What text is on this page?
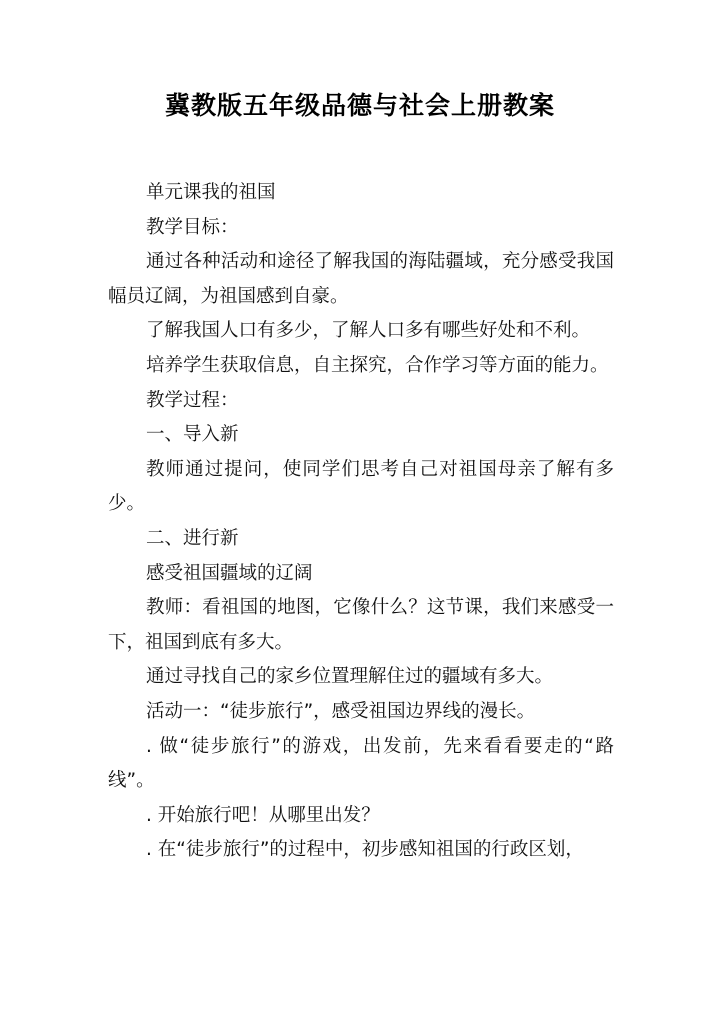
冀教版五年级品德与社会上册教案

单元课我的祖国

教学目标：

通过各种活动和途径了解我国的海陆疆域，充分感受我国幅员辽阔，为祖国感到自豪。

了解我国人口有多少，了解人口多有哪些好处和不利。

培养学生获取信息，自主探究，合作学习等方面的能力。

教学过程：

一、导入新

教师通过提问，使同学们思考自己对祖国母亲了解有多少。

二、进行新

感受祖国疆域的辽阔

教师：看祖国的地图，它像什么？这节课，我们来感受一下，祖国到底有多大。

通过寻找自己的家乡位置理解住过的疆域有多大。

活动一：“徒步旅行”，感受祖国边界线的漫长。

. 做“徒步旅行”的游戏，出发前，先来看看要走的“路线”。

. 开始旅行吧！从哪里出发？

. 在“徒步旅行”的过程中，初步感知祖国的行政区划，
